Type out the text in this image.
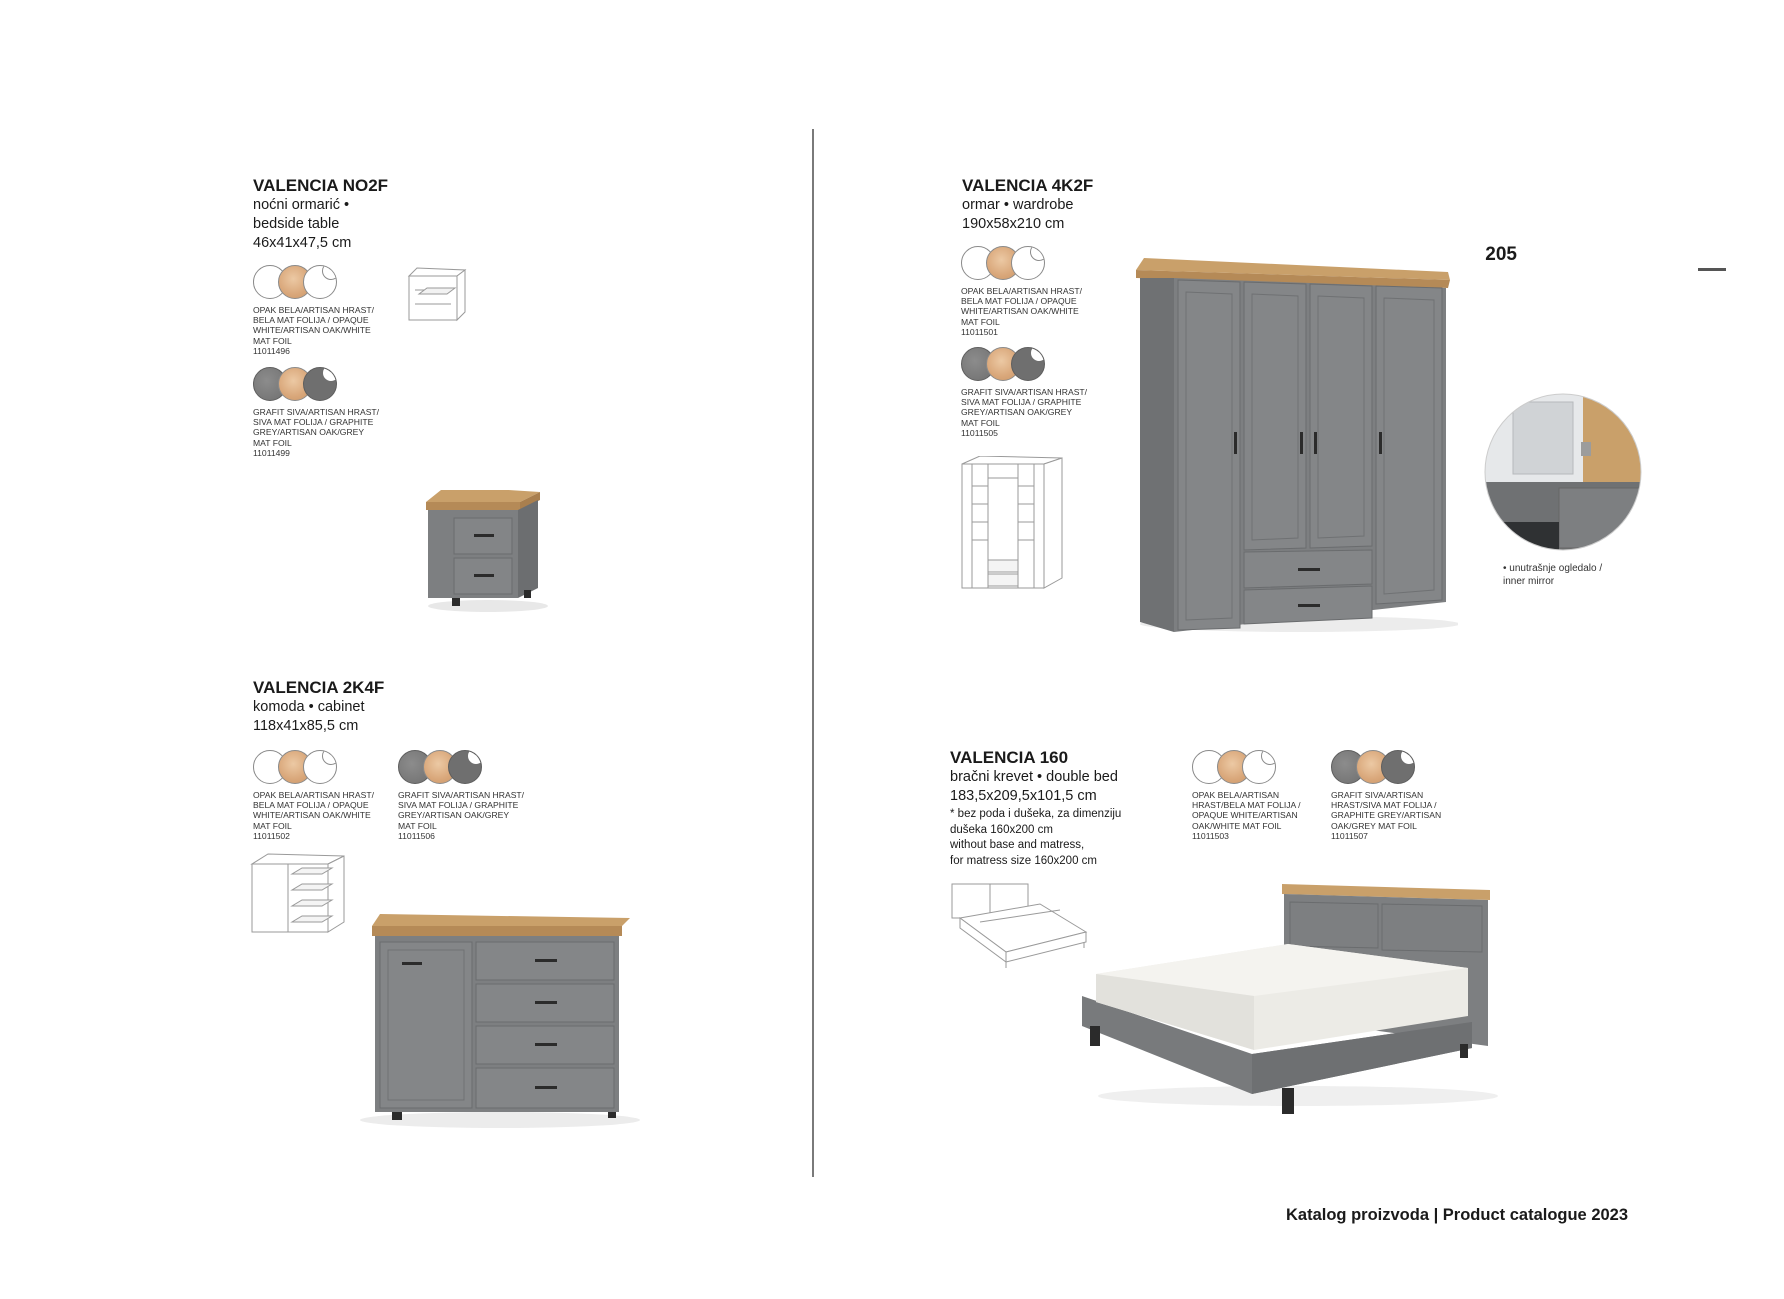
205
VALENCIA NO2F
noćni ormarić •
bedside table
46x41x47,5 cm
OPAK BELA/ARTISAN HRAST/
BELA MAT FOLIJA / OPAQUE
WHITE/ARTISAN OAK/WHITE
MAT FOIL
11011496
GRAFIT SIVA/ARTISAN HRAST/
SIVA MAT FOLIJA / GRAPHITE
GREY/ARTISAN OAK/GREY
MAT FOIL
11011499
VALENCIA 2K4F
komoda • cabinet
118x41x85,5 cm
OPAK BELA/ARTISAN HRAST/
BELA MAT FOLIJA / OPAQUE
WHITE/ARTISAN OAK/WHITE
MAT FOIL
11011502
GRAFIT SIVA/ARTISAN HRAST/
SIVA MAT FOLIJA / GRAPHITE
GREY/ARTISAN OAK/GREY
MAT FOIL
11011506
VALENCIA 4K2F
ormar • wardrobe
190x58x210 cm
OPAK BELA/ARTISAN HRAST/
BELA MAT FOLIJA / OPAQUE
WHITE/ARTISAN OAK/WHITE
MAT FOIL
11011501
GRAFIT SIVA/ARTISAN HRAST/
SIVA MAT FOLIJA / GRAPHITE
GREY/ARTISAN OAK/GREY
MAT FOIL
11011505
• unutrašnje ogledalo /
inner mirror
VALENCIA 160
bračni krevet • double bed
183,5x209,5x101,5 cm
* bez poda i dušeka, za dimenziju
dušeka 160x200 cm
without base and matress,
for matress size 160x200 cm
OPAK BELA/ARTISAN
HRAST/BELA MAT FOLIJA /
OPAQUE WHITE/ARTISAN
OAK/WHITE MAT FOIL
11011503
GRAFIT SIVA/ARTISAN
HRAST/SIVA MAT FOLIJA /
GRAPHITE GREY/ARTISAN
OAK/GREY MAT FOIL
11011507
Katalog proizvoda | Product catalogue 2023
